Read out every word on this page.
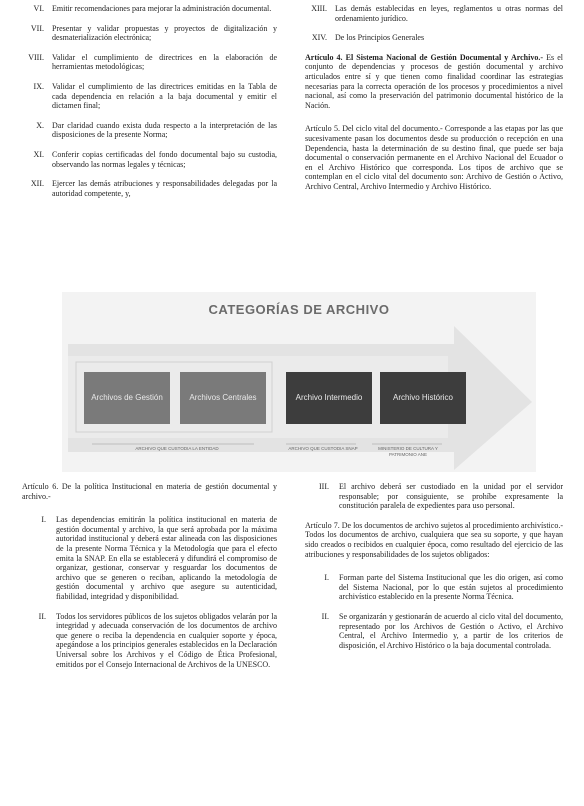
VI.	Emitir recomendaciones para mejorar la administración documental.
VII.	Presentar y validar propuestas y proyectos de digitalización y desmaterialización electrónica;
VIII.	Validar el cumplimiento de directrices en la elaboración de herramientas metodológicas;
IX.	Validar el cumplimiento de las directrices emitidas en la Tabla de cada dependencia en relación a la baja documental y emitir el dictamen final;
X.	Dar claridad cuando exista duda respecto a la interpretación de las disposiciones de la presente Norma;
XI.	Conferir copias certificadas del fondo documental bajo su custodia, observando las normas legales y técnicas;
XII.	Ejercer las demás atribuciones y responsabilidades delegadas por la autoridad competente, y,
XIII.	Las demás establecidas en leyes, reglamentos u otras normas del ordenamiento jurídico.
XIV.	De los Principios Generales

Artículo 4. El Sistema Nacional de Gestión Documental y Archivo.- Es el conjunto de dependencias y procesos de gestión documental y archivo articulados entre sí y que tienen como finalidad coordinar las estrategias necesarias para la correcta operación de los procesos y procedimientos a nivel nacional, así como la preservación del patrimonio documental histórico de la Nación.

Artículo 5. Del ciclo vital del documento.- Corresponde a las etapas por las que sucesivamente pasan los documentos desde su producción o recepción en una Dependencia, hasta la determinación de su destino final, que puede ser baja documental o conservación permanente en el Archivo Nacional del Ecuador o en el Archivo Histórico que corresponda. Los tipos de archivo que se contemplan en el ciclo vital del documento son: Archivo de Gestión o Activo, Archivo Central, Archivo Intermedio y Archivo Histórico.

CATEGORÍAS DE ARCHIVO
Archivos de Gestión	Archivos Centrales	Archivo Intermedio	Archivo Histórico
ARCHIVO QUE CUSTODIA LA ENTIDAD	ARCHIVO QUE CUSTODIA SNAP	MINISTERIO DE CULTURA Y PATRIMONIO ANE

Artículo 6. De la política Institucional en materia de gestión documental y archivo.-

I.	Las dependencias emitirán la política institucional en materia de gestión documental y archivo, la que será aprobada por la máxima autoridad institucional y deberá estar alineada con las disposiciones de la presente Norma Técnica y la Metodología que para el efecto emita la SNAP. En ella se establecerá y difundirá el compromiso de organizar, gestionar, conservar y resguardar los documentos de archivo que se generen o reciban, aplicando la metodología de gestión documental y archivo que asegure su autenticidad, fiabilidad, integridad y disponibilidad.
II.	Todos los servidores públicos de los sujetos obligados velarán por la integridad y adecuada conservación de los documentos de archivo que genere o reciba la dependencia en cualquier soporte y época, apegándose a los principios generales establecidos en la Declaración Universal sobre los Archivos y el Código de Ética Profesional, emitidos por el Consejo Internacional de Archivos de la UNESCO.
III.	El archivo deberá ser custodiado en la unidad por el servidor responsable; por consiguiente, se prohíbe expresamente la constitución paralela de expedientes para uso personal.

Artículo 7. De los documentos de archivo sujetos al procedimiento archivístico.- Todos los documentos de archivo, cualquiera que sea su soporte, y que hayan sido creados o recibidos en cualquier época, como resultado del ejercicio de las atribuciones y responsabilidades de los sujetos obligados:

I.	Forman parte del Sistema Institucional que les dio origen, así como del Sistema Nacional, por lo que están sujetos al procedimiento archivístico establecido en la presente Norma Técnica.
II.	Se organizarán y gestionarán de acuerdo al ciclo vital del documento, representado por los Archivos de Gestión o Activo, el Archivo Central, el Archivo Intermedio y, a partir de los criterios de disposición, el Archivo Histórico o la baja documental controlada.
